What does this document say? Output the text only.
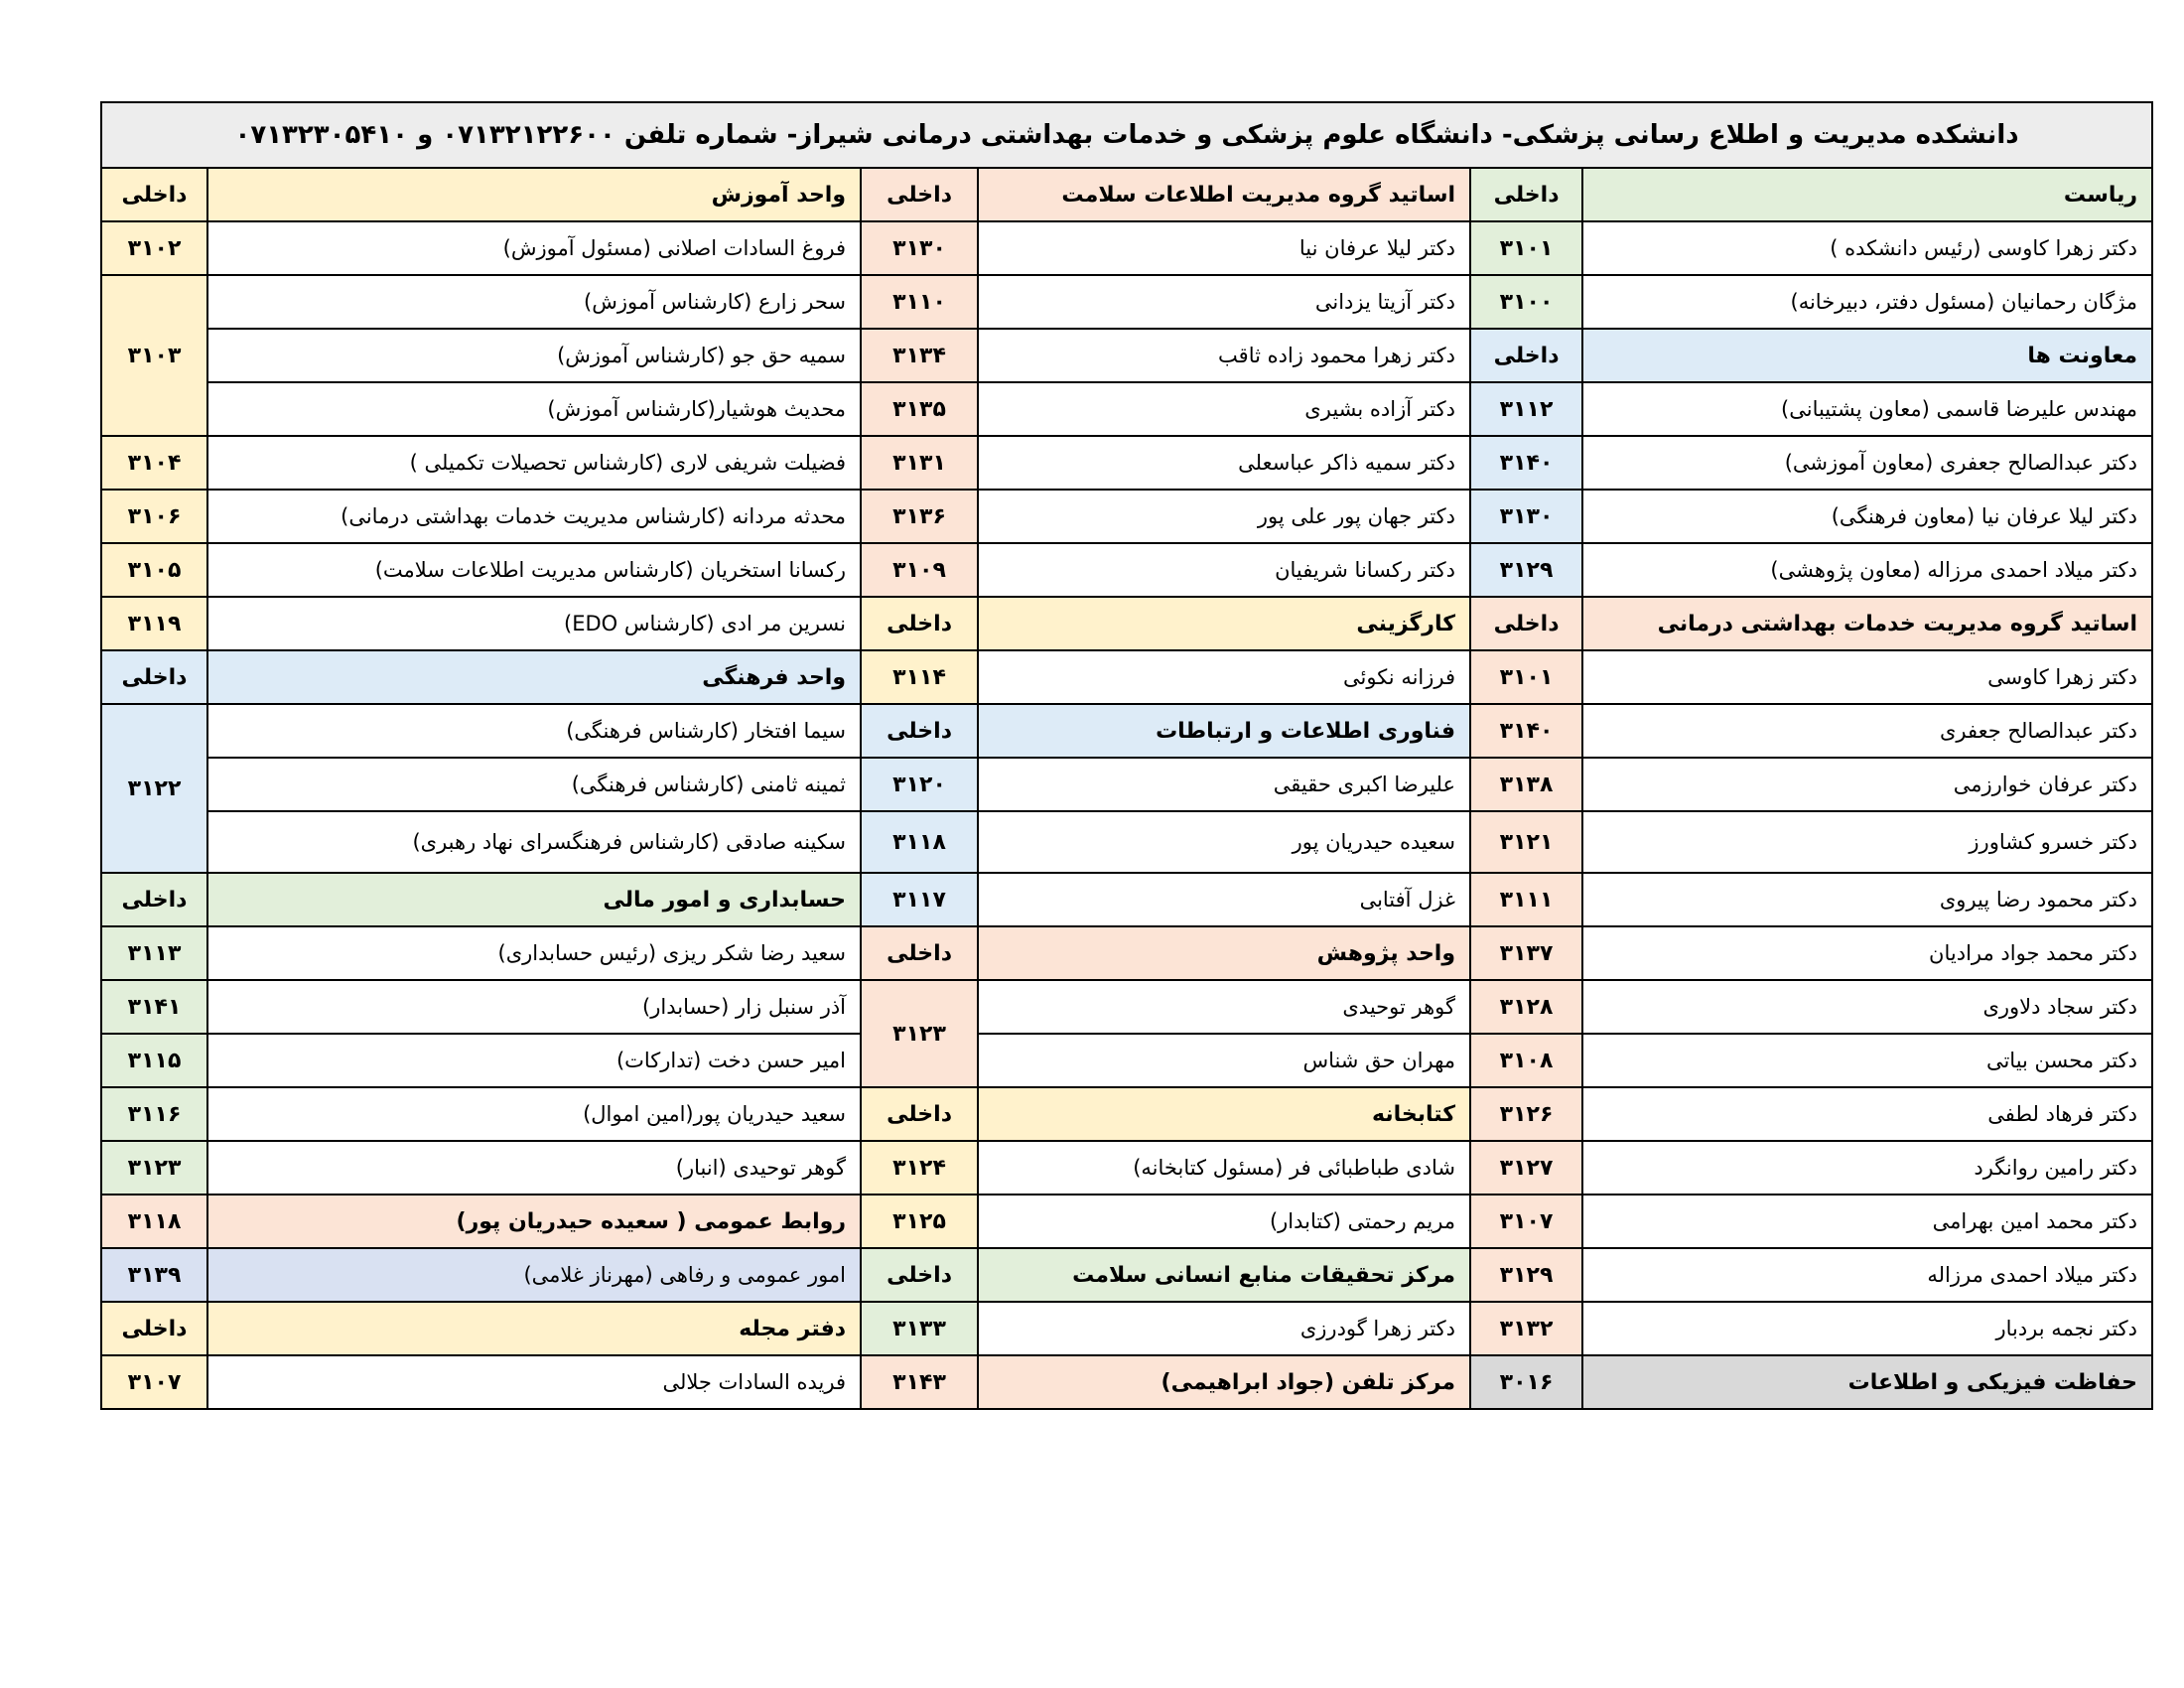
دانشکده مدیریت و اطلاع رسانی پزشکی- دانشگاه علوم پزشکی و خدمات بهداشتی درمانی شیراز- شماره تلفن ۰۷۱۳۲۱۲۲۶۰۰ و ۰۷۱۳۲۳۰۵۴۱۰					
رياست	داخلی	اساتید گروه مدیریت اطلاعات سلامت	داخلی	واحد آموزش	داخلی
دکتر زهرا کاوسی (رئیس دانشکده )	۳۱۰۱	دکتر لیلا عرفان نیا	۳۱۳۰	فروغ السادات اصلانی (مسئول آموزش)	۳۱۰۲
مژگان رحمانیان (مسئول دفتر، دبیرخانه)	۳۱۰۰	دکتر آزیتا یزدانی	۳۱۱۰	سحر زارع (کارشناس آموزش)	۳۱۰۳
معاونت ها	داخلی	دکتر زهرا محمود زاده ثاقب	۳۱۳۴	سمیه حق جو (کارشناس آموزش)	
مهندس علیرضا قاسمی (معاون پشتیبانی)	۳۱۱۲	دکتر آزاده بشیری	۳۱۳۵	محدیث هوشیار(کارشناس آموزش)	
دکتر عبدالصالح جعفری (معاون آموزشی)	۳۱۴۰	دکتر سمیه ذاکر عباسعلی	۳۱۳۱	فضیلت شریفی لاری (کارشناس تحصیلات تکمیلی )	۳۱۰۴
دکتر لیلا عرفان نیا (معاون فرهنگی)	۳۱۳۰	دکتر جهان پور علی پور	۳۱۳۶	محدثه مردانه (کارشناس مدیریت خدمات بهداشتی درمانی)	۳۱۰۶
دکتر میلاد احمدی مرزاله (معاون پژوهشی)	۳۱۲۹	دکتر رکسانا شریفیان	۳۱۰۹	رکسانا استخریان (کارشناس مدیریت اطلاعات سلامت)	۳۱۰۵
اساتید گروه مدیریت خدمات بهداشتی درمانی	داخلی	کارگزینی	داخلی	نسرین مر ادی (کارشناس EDO)	۳۱۱۹
دکتر زهرا کاوسی	۳۱۰۱	فرزانه نکوئی	۳۱۱۴	واحد فرهنگی	داخلی
دکتر عبدالصالح جعفری	۳۱۴۰	فناوری اطلاعات و ارتباطات	داخلی	سیما افتخار (کارشناس فرهنگی)	۳۱۲۲
دکتر عرفان خوارزمی	۳۱۳۸	علیرضا اکبری حقیقی	۳۱۲۰	ثمینه ثامنی (کارشناس فرهنگی)	
دکتر خسرو کشاورز	۳۱۲۱	سعیده حیدریان پور	۳۱۱۸	سکینه صادقی (کارشناس فرهنگسرای نهاد رهبری)	
دکتر محمود رضا پیروی	۳۱۱۱	غزل آفتابی	۳۱۱۷	حسابداری و امور مالی	داخلی
دکتر محمد جواد مرادیان	۳۱۳۷	واحد پژوهش	داخلی	سعید رضا شکر ریزی (رئیس حسابداری)	۳۱۱۳
دکتر سجاد دلاوری	۳۱۲۸	گوهر توحیدی	۳۱۲۳	آذر سنبل زار (حسابدار)	۳۱۴۱
دکتر محسن بیاتی	۳۱۰۸	مهران حق شناس		امیر حسن دخت (تدارکات)	۳۱۱۵
دکتر فرهاد لطفی	۳۱۲۶	کتابخانه	داخلی	سعید حیدریان پور(امین اموال)	۳۱۱۶
دکتر رامین روانگرد	۳۱۲۷	شادی طباطبائی فر (مسئول کتابخانه)	۳۱۲۴	گوهر توحیدی (انبار)	۳۱۲۳
دکتر محمد امین بهرامی	۳۱۰۷	مریم رحمتی (کتابدار)	۳۱۲۵	روابط عمومی ( سعیده حیدریان پور)	۳۱۱۸
دکتر میلاد احمدی مرزاله	۳۱۲۹	مرکز تحقیقات منابع انسانی سلامت	داخلی	امور عمومی و رفاهی (مهرناز غلامی)	۳۱۳۹
دکتر نجمه بردبار	۳۱۳۲	دکتر زهرا گودرزی	۳۱۳۳	دفتر مجله	داخلی
حفاظت فیزیکی و اطلاعات	۳۰۱۶	مرکز تلفن (جواد ابراهیمی)	۳۱۴۳	فریده السادات جلالی	۳۱۰۷
